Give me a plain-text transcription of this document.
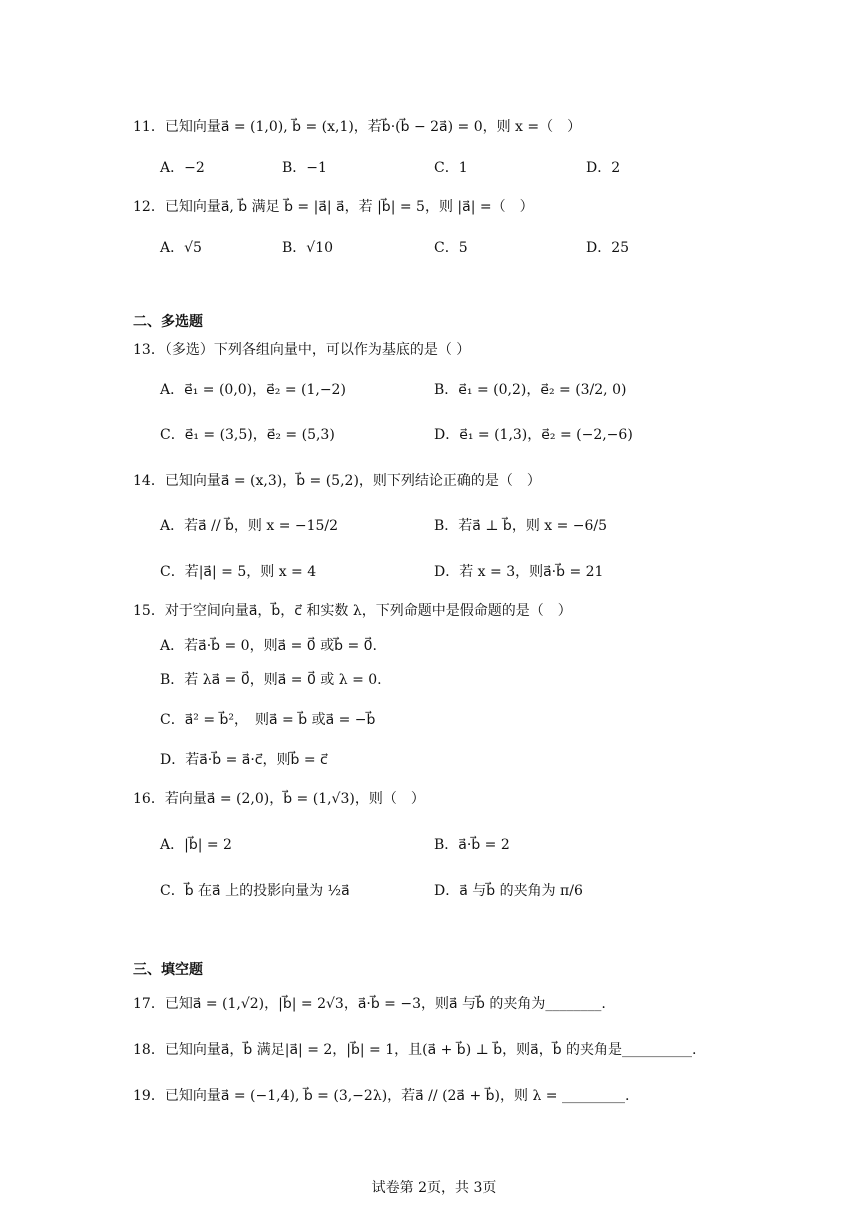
11．已知向量a⃗ = (1,0), b⃗ = (x,1)，若b⃗·(b⃗ − 2a⃗) = 0，则 x =（　）
A．−2	B．−1	C．1	D．2
12．已知向量a⃗, b⃗ 满足 b⃗ = |a⃗| a⃗，若 |b⃗| = 5，则 |a⃗| =（　）
A．√5	B．√10	C．5	D．25
二、多选题
13．（多选）下列各组向量中，可以作为基底的是（ ）
A．e⃗₁ = (0,0)，e⃗₂ = (1,−2)	B．e⃗₁ = (0,2)，e⃗₂ = (3/2, 0)
C．e⃗₁ = (3,5)，e⃗₂ = (5,3)	D．e⃗₁ = (1,3)，e⃗₂ = (−2,−6)
14．已知向量a⃗ = (x,3)，b⃗ = (5,2)，则下列结论正确的是（　）
A．若a⃗ // b⃗，则 x = −15/2	B．若a⃗ ⊥ b⃗，则 x = −6/5
C．若|a⃗| = 5，则 x = 4	D．若 x = 3，则a⃗·b⃗ = 21
15．对于空间向量a⃗，b⃗，c⃗ 和实数 λ，下列命题中是假命题的是（　）
A．若a⃗·b⃗ = 0，则a⃗ = 0⃗ 或b⃗ = 0⃗.
B．若 λa⃗ = 0⃗，则a⃗ = 0⃗ 或 λ = 0.
C．a⃗² = b⃗²，　则a⃗ = b⃗ 或a⃗ = −b⃗
D．若a⃗·b⃗ = a⃗·c⃗，则b⃗ = c⃗
16．若向量a⃗ = (2,0)，b⃗ = (1,√3)，则（　）
A．|b⃗| = 2	B．a⃗·b⃗ = 2
C．b⃗ 在a⃗ 上的投影向量为 ½a⃗	D．a⃗ 与b⃗ 的夹角为 π/6
三、填空题
17．已知a⃗ = (1,√2)，|b⃗| = 2√3，a⃗·b⃗ = −3，则a⃗ 与b⃗ 的夹角为________.
18．已知向量a⃗，b⃗ 满足|a⃗| = 2，|b⃗| = 1，且(a⃗ + b⃗) ⊥ b⃗，则a⃗，b⃗ 的夹角是__________.
19．已知向量a⃗ = (−1,4), b⃗ = (3,−2λ)，若a⃗ // (2a⃗ + b⃗)，则 λ = _________.
试卷第 2页，共 3页
